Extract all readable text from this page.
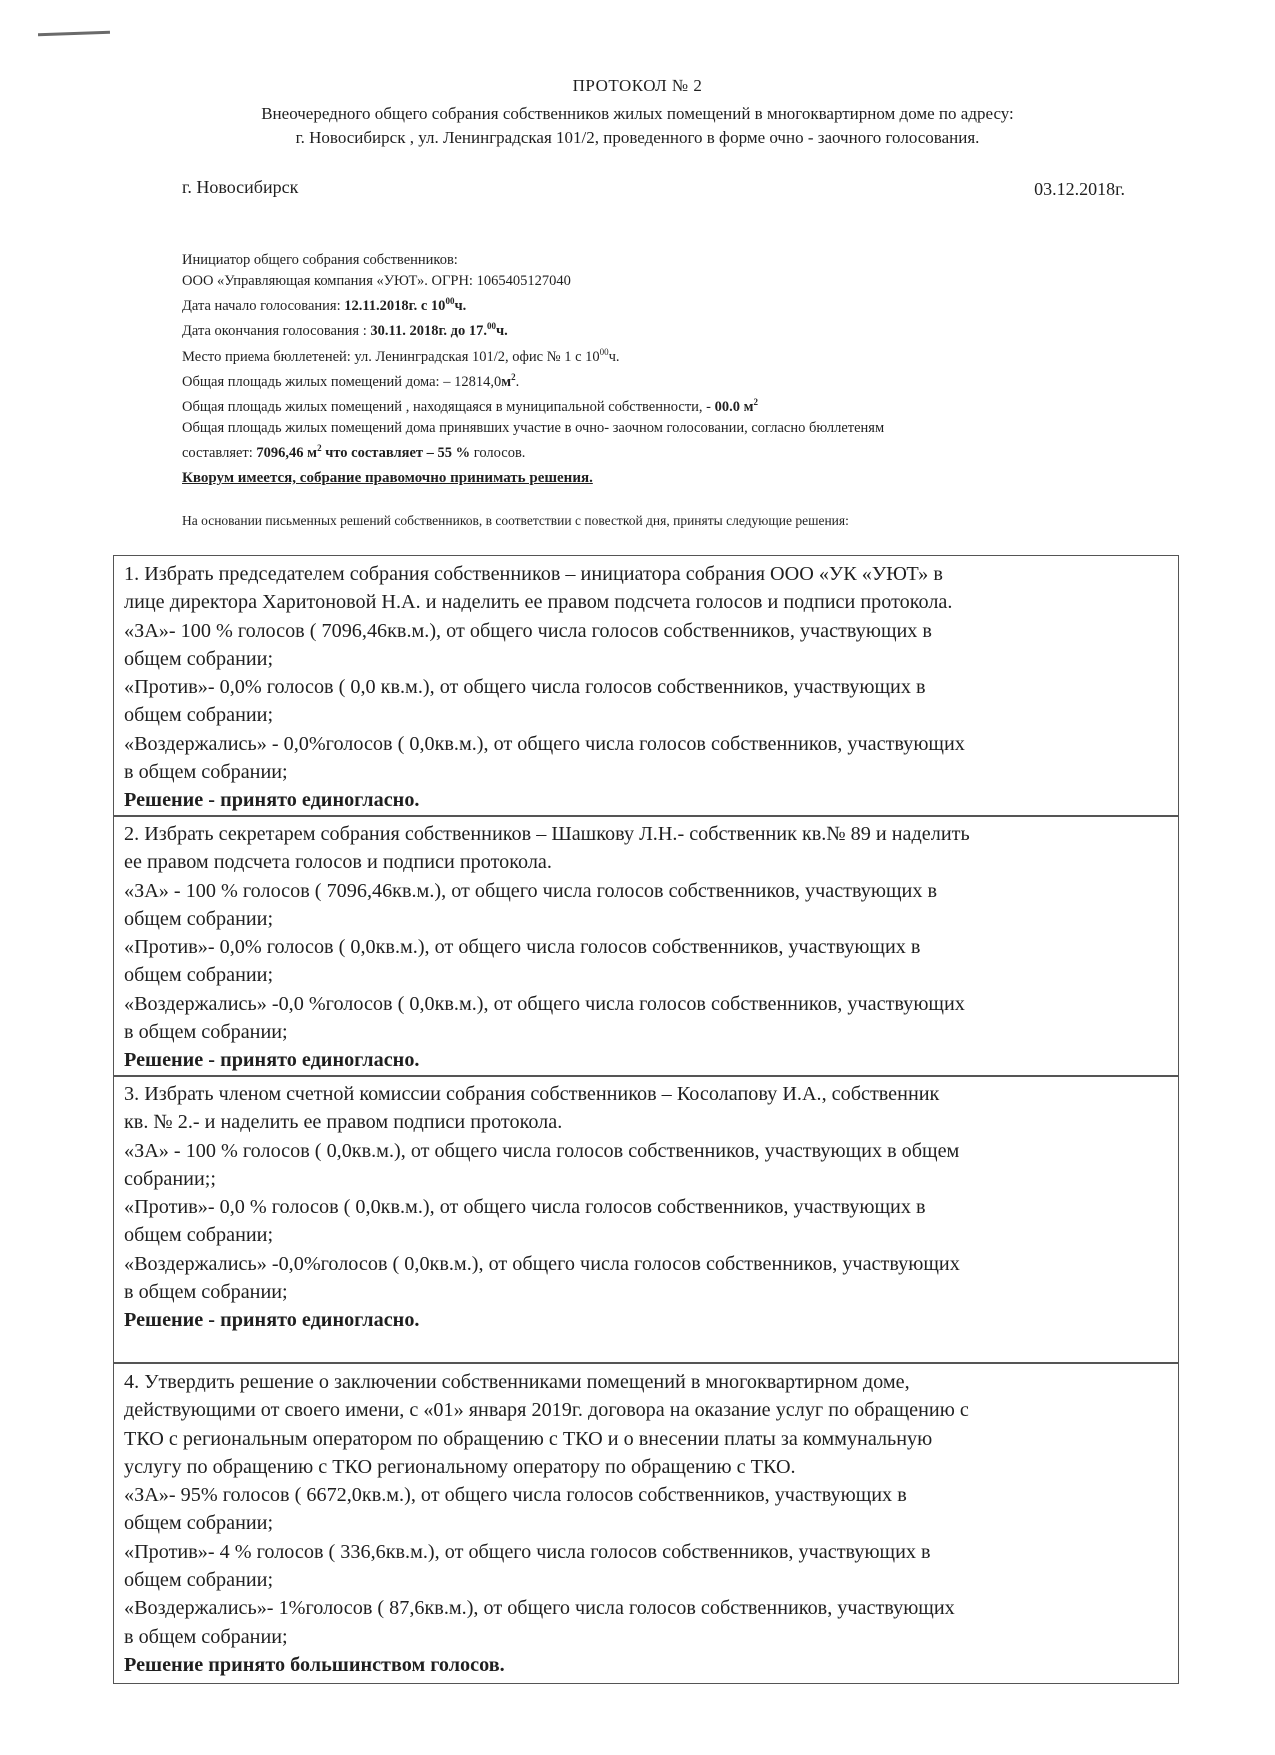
ПРОТОКОЛ № 2
Внеочередного общего собрания собственников жилых помещений в многоквартирном доме по адресу:
г. Новосибирск , ул. Ленинградская 101/2, проведенного в форме очно - заочного голосования.
г. Новосибирск	03.12.2018г.
Инициатор общего собрания собственников:
ООО «Управляющая компания «УЮТ». ОГРН: 1065405127040
Дата начало голосования: 12.11.2018г. с $10^{00}ч$.
Дата окончания голосования : 30.11. 2018г. до 17.00ч.
Место приема бюллетеней: ул. Ленинградская 101/2, офис № 1 с $10^{00}ч$.
Общая площадь жилых помещений дома: – $12814,0м^2$.
Общая площадь жилых помещений , находящаяся в муниципальной собственности, - 00.0 $м^2$
Общая площадь жилых помещений дома принявших участие в очно- заочном голосовании, согласно бюллетеням
составляет: 7096,46 $м^2$ что составляет – 55 % голосов.
Кворум имеется, собрание правомочно принимать решения.
На основании письменных решений собственников, в соответствии с повесткой дня, приняты следующие решения:

1. Избрать председателем собрания собственников – инициатора собрания ООО «УК «УЮТ» в

лице директора Харитоновой Н.А. и наделить ее правом подсчета голосов и подписи протокола.

«ЗА»- 100 % голосов ( 7096,46кв.м.), от общего числа голосов собственников, участвующих в

общем собрании;

«Против»- 0,0% голосов ( 0,0 кв.м.), от общего числа голосов собственников, участвующих в

общем собрании;

«Воздержались» - 0,0%голосов ( 0,0кв.м.), от общего числа голосов собственников, участвующих

в общем собрании;

Решение - принято единогласно.

2. Избрать секретарем собрания собственников – Шашкову Л.Н.- собственник кв.№ 89 и наделить

ее правом подсчета голосов и подписи протокола.

«ЗА» - 100 % голосов ( 7096,46кв.м.), от общего числа голосов собственников, участвующих в

общем собрании;

«Против»- 0,0% голосов ( 0,0кв.м.), от общего числа голосов собственников, участвующих в

общем собрании;

«Воздержались» -0,0 %голосов ( 0,0кв.м.), от общего числа голосов собственников, участвующих

в общем собрании;

Решение - принято единогласно.

3. Избрать членом счетной комиссии собрания собственников – Косолапову И.А., собственник

кв. № 2.- и наделить ее правом подписи протокола.

«ЗА» - 100 % голосов ( 0,0кв.м.), от общего числа голосов собственников, участвующих в общем

собрании;;

«Против»- 0,0 % голосов ( 0,0кв.м.), от общего числа голосов собственников, участвующих в

общем собрании;

«Воздержались» -0,0%голосов ( 0,0кв.м.), от общего числа голосов собственников, участвующих

в общем собрании;

Решение - принято единогласно.

4. Утвердить решение о заключении собственниками помещений в многоквартирном доме,

действующими от своего имени, с «01» января 2019г. договора на оказание услуг по обращению с

ТКО с региональным оператором по обращению с ТКО и о внесении платы за коммунальную

услугу по обращению с ТКО региональному оператору по обращению с ТКО.

«ЗА»- 95% голосов ( 6672,0кв.м.), от общего числа голосов собственников, участвующих в

общем собрании;

«Против»- 4 % голосов ( 336,6кв.м.), от общего числа голосов собственников, участвующих в

общем собрании;

«Воздержались»- 1%голосов ( 87,6кв.м.), от общего числа голосов собственников, участвующих

в общем собрании;

Решение принято большинством голосов.
